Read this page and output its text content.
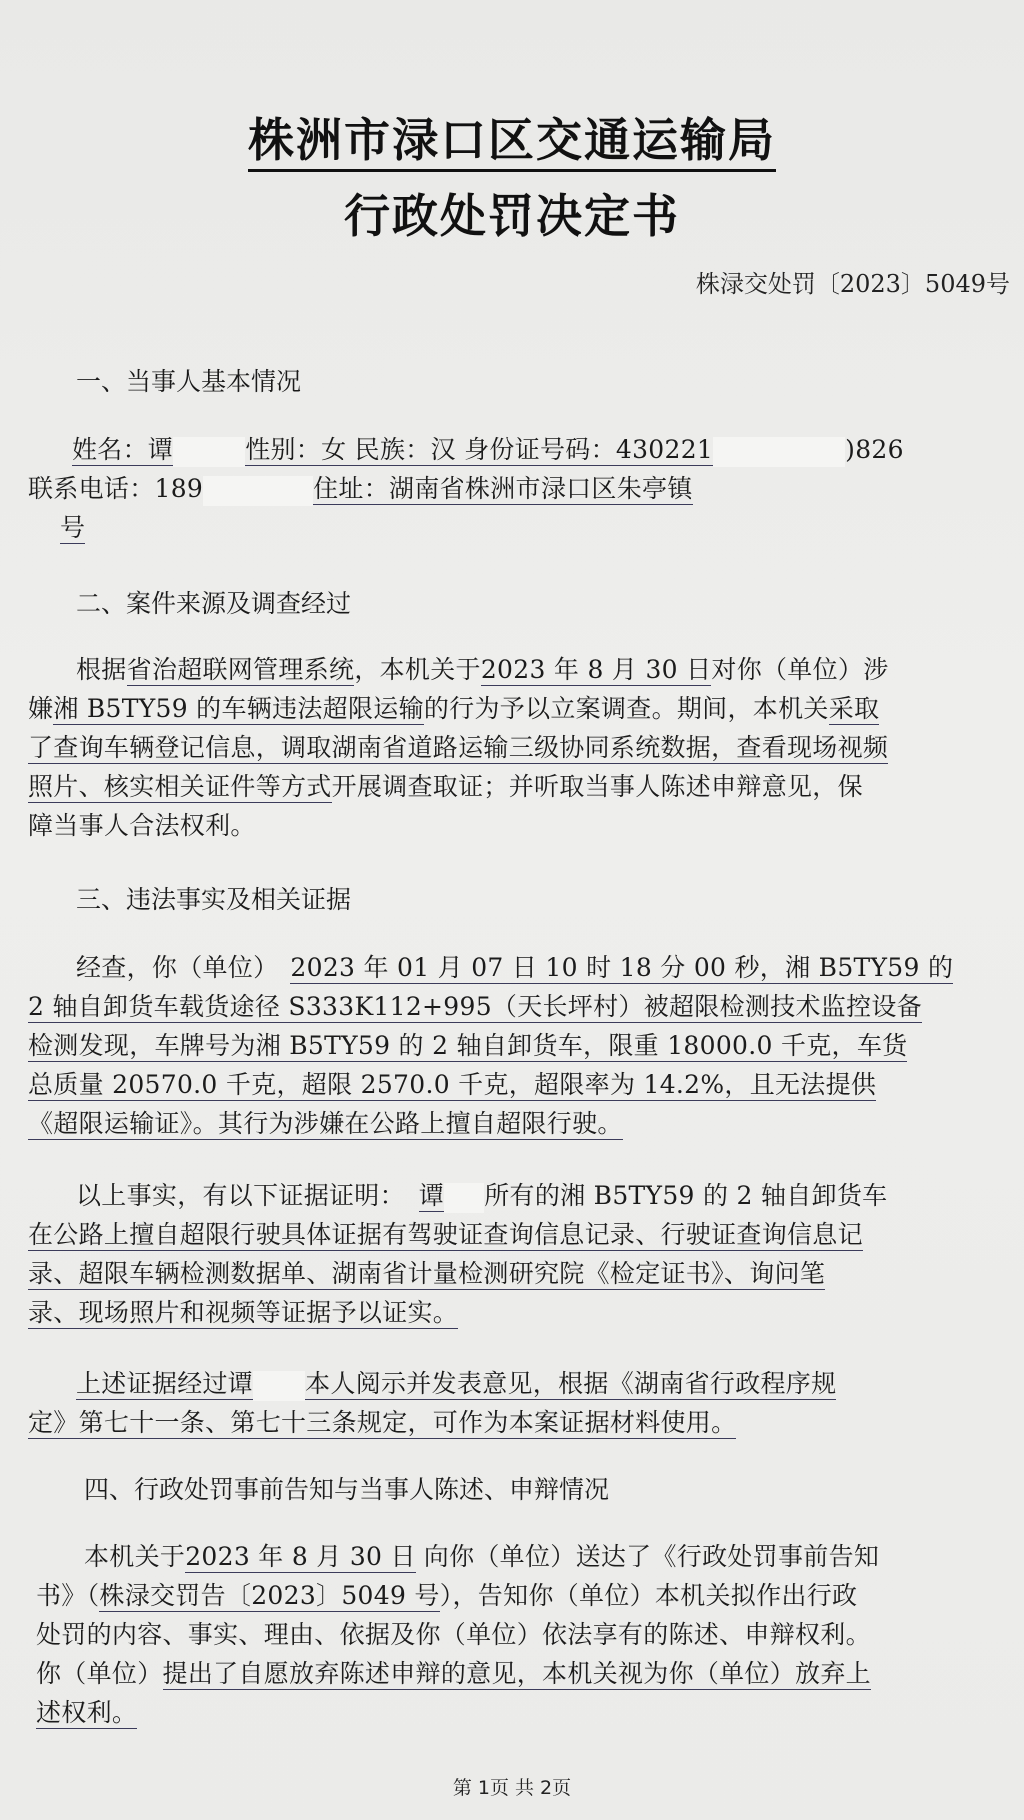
株洲市渌口区交通运输局
行政处罚决定书
株渌交处罚〔2023〕5049号
一、当事人基本情况
姓名：谭	性别：女 民族：汉 身份证号码：430221	)826
联系电话：189	住址：湖南省株洲市渌口区朱亭镇
号
二、案件来源及调查经过
根据省治超联网管理系统，本机关于2023 年 8 月 30 日对你（单位）涉
嫌湘 B5TY59 的车辆违法超限运输的行为予以立案调查。期间，本机关采取
了查询车辆登记信息，调取湖南省道路运输三级协同系统数据，查看现场视频
照片、核实相关证件等方式开展调查取证；并听取当事人陈述申辩意见，保
障当事人合法权利。
三、违法事实及相关证据
经查，你（单位） 2023 年 01 月 07 日 10 时 18 分 00 秒，湘 B5TY59 的
2 轴自卸货车载货途径 S333K112+995（天长坪村）被超限检测技术监控设备
检测发现，车牌号为湘 B5TY59 的 2 轴自卸货车，限重 18000.0 千克，车货
总质量 20570.0 千克，超限 2570.0 千克，超限率为 14.2%，且无法提供
《超限运输证》。其行为涉嫌在公路上擅自超限行驶。
以上事实，有以下证据证明： 谭 所有的湘 B5TY59 的 2 轴自卸货车
在公路上擅自超限行驶具体证据有驾驶证查询信息记录、行驶证查询信息记
录、超限车辆检测数据单、湖南省计量检测研究院《检定证书》、询问笔
录、现场照片和视频等证据予以证实。
上述证据经过谭 本人阅示并发表意见，根据《湖南省行政程序规
定》第七十一条、第七十三条规定，可作为本案证据材料使用。
四、行政处罚事前告知与当事人陈述、申辩情况
本机关于2023 年 8 月 30 日 向你（单位）送达了《行政处罚事前告知
书》（株渌交罚告〔2023〕5049 号），告知你（单位）本机关拟作出行政
处罚的内容、事实、理由、依据及你（单位）依法享有的陈述、申辩权利。
你（单位）提出了自愿放弃陈述申辩的意见，本机关视为你（单位）放弃上
述权利。
第 1页 共 2页
